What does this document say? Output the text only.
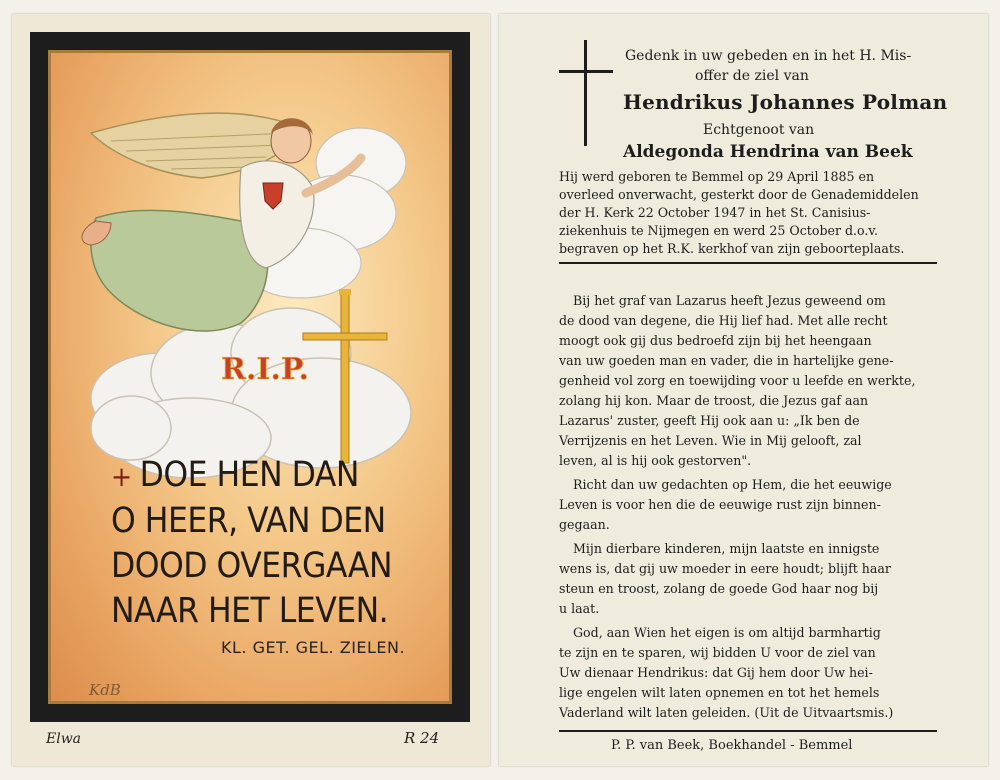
R.I.P.
+ DOE HEN DAN
O HEER, VAN DEN
DOOD OVERGAAN
NAAR HET LEVEN.
KL. GET. GEL. ZIELEN.
KdB
Elwa	R 24
Gedenk in uw gebeden en in het H. Mis-
offer de ziel van
Hendrikus Johannes Polman
Echtgenoot van
Aldegonda Hendrina van Beek
Hij werd geboren te Bemmel op 29 April 1885 en
overleed onverwacht, gesterkt door de Genademiddelen
der H. Kerk 22 October 1947 in het St. Canisius-
ziekenhuis te Nijmegen en werd 25 October d.o.v.
begraven op het R.K. kerkhof van zijn geboorteplaats.
Bij het graf van Lazarus heeft Jezus geweend om
de dood van degene, die Hij lief had. Met alle recht
moogt ook gij dus bedroefd zijn bij het heengaan
van uw goeden man en vader, die in hartelijke gene-
genheid vol zorg en toewijding voor u leefde en werkte,
zolang hij kon. Maar de troost, die Jezus gaf aan
Lazarus' zuster, geeft Hij ook aan u: „Ik ben de
Verrijzenis en het Leven. Wie in Mij gelooft, zal
leven, al is hij ook gestorven".
Richt dan uw gedachten op Hem, die het eeuwige
Leven is voor hen die de eeuwige rust zijn binnen-
gegaan.
Mijn dierbare kinderen, mijn laatste en innigste
wens is, dat gij uw moeder in eere houdt; blijft haar
steun en troost, zolang de goede God haar nog bij
u laat.
God, aan Wien het eigen is om altijd barmhartig
te zijn en te sparen, wij bidden U voor de ziel van
Uw dienaar Hendrikus: dat Gij hem door Uw hei-
lige engelen wilt laten opnemen en tot het hemels
Vaderland wilt laten geleiden. (Uit de Uitvaartsmis.)
P. P. van Beek, Boekhandel - Bemmel
